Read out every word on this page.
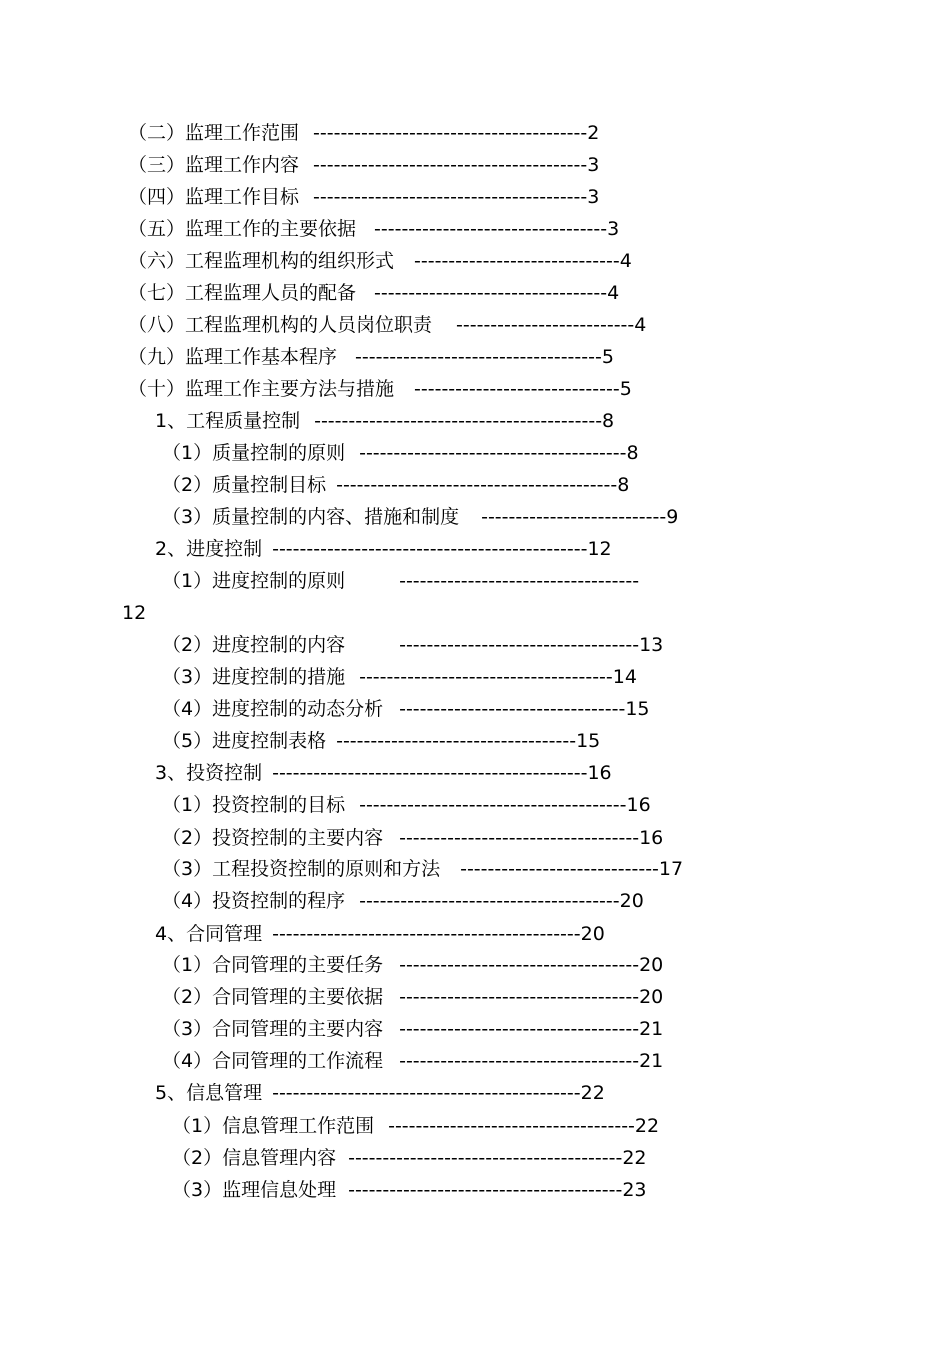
（二）监理工作范围 ----------------------------------------2
（三）监理工作内容 ----------------------------------------3
（四）监理工作目标 ----------------------------------------3
（五）监理工作的主要依据 ----------------------------------3
（六）工程监理机构的组织形式 ------------------------------4
（七）工程监理人员的配备 ----------------------------------4
（八）工程监理机构的人员岗位职责 --------------------------4
（九）监理工作基本程序 ------------------------------------5
（十）监理工作主要方法与措施 ------------------------------5
1、工程质量控制 ------------------------------------------8
（1）质量控制的原则 ---------------------------------------8
（2）质量控制目标 -----------------------------------------8
（3）质量控制的内容、措施和制度 ---------------------------9
2、进度控制 ----------------------------------------------12
（1）进度控制的原则	-----------------------------------
12
（2）进度控制的内容	-----------------------------------13
（3）进度控制的措施 -------------------------------------14
（4）进度控制的动态分析 ---------------------------------15
（5）进度控制表格 -----------------------------------15
3、投资控制 ----------------------------------------------16
（1）投资控制的目标 ---------------------------------------16
（2）投资控制的主要内容 -----------------------------------16
（3）工程投资控制的原则和方法 -----------------------------17
（4）投资控制的程序 --------------------------------------20
4、合同管理 ---------------------------------------------20
（1）合同管理的主要任务 -----------------------------------20
（2）合同管理的主要依据 -----------------------------------20
（3）合同管理的主要内容 -----------------------------------21
（4）合同管理的工作流程 -----------------------------------21
5、信息管理 ---------------------------------------------22
（1）信息管理工作范围 ------------------------------------22
（2）信息管理内容 ----------------------------------------22
（3）监理信息处理 ----------------------------------------23
